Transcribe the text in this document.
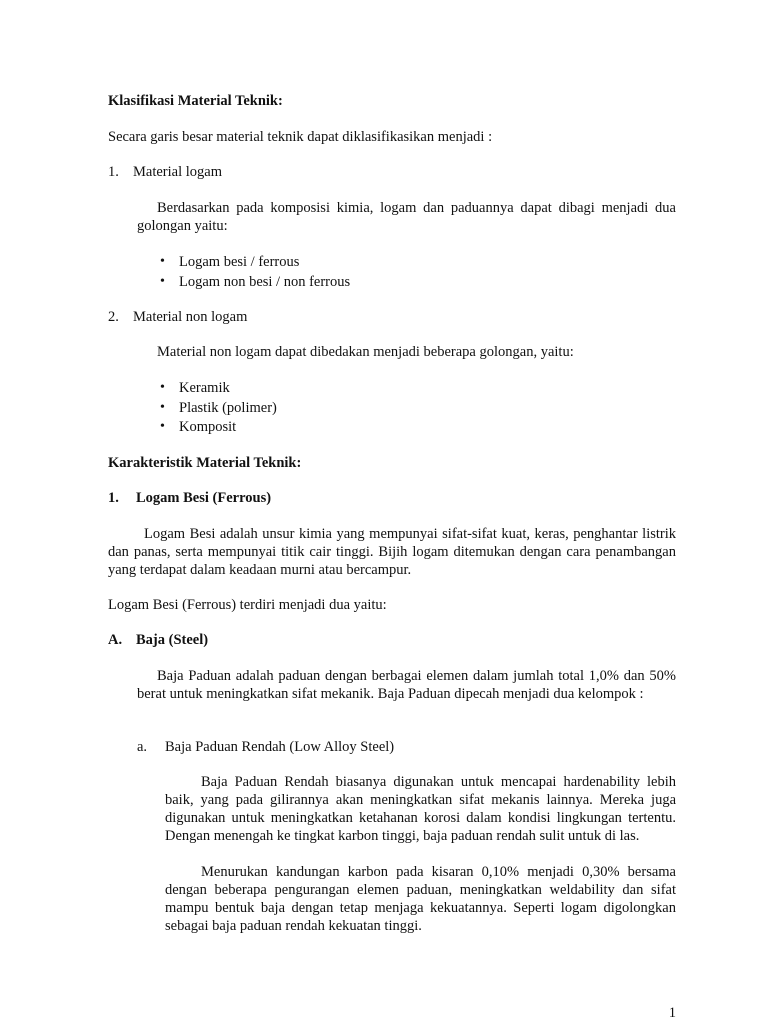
Klasifikasi Material Teknik:

Secara garis besar material teknik dapat diklasifikasikan menjadi :

1. Material logam

Berdasarkan pada komposisi kimia, logam dan paduannya dapat dibagi menjadi dua golongan yaitu:

• Logam besi / ferrous
• Logam non besi / non ferrous

2. Material non logam

Material non logam dapat dibedakan menjadi beberapa golongan, yaitu:

• Keramik
• Plastik (polimer)
• Komposit

Karakteristik Material Teknik:

1. Logam Besi (Ferrous)

Logam Besi adalah unsur kimia yang mempunyai sifat-sifat kuat, keras, penghantar listrik dan panas, serta mempunyai titik cair tinggi. Bijih logam ditemukan dengan cara penambangan yang terdapat dalam keadaan murni atau bercampur.

Logam Besi (Ferrous) terdiri menjadi dua yaitu:

A. Baja (Steel)

Baja Paduan adalah paduan dengan berbagai elemen dalam jumlah total 1,0% dan 50% berat untuk meningkatkan sifat mekanik. Baja Paduan dipecah menjadi dua kelompok :

a. Baja Paduan Rendah (Low Alloy Steel)

Baja Paduan Rendah biasanya digunakan untuk mencapai hardenability lebih baik, yang pada gilirannya akan meningkatkan sifat mekanis lainnya. Mereka juga digunakan untuk meningkatkan ketahanan korosi dalam kondisi lingkungan tertentu. Dengan menengah ke tingkat karbon tinggi, baja paduan rendah sulit untuk di las.

Menurukan kandungan karbon pada kisaran 0,10% menjadi 0,30% bersama dengan beberapa pengurangan elemen paduan, meningkatkan weldability dan sifat mampu bentuk baja dengan tetap menjaga kekuatannya. Seperti logam digolongkan sebagai baja paduan rendah kekuatan tinggi.

1
